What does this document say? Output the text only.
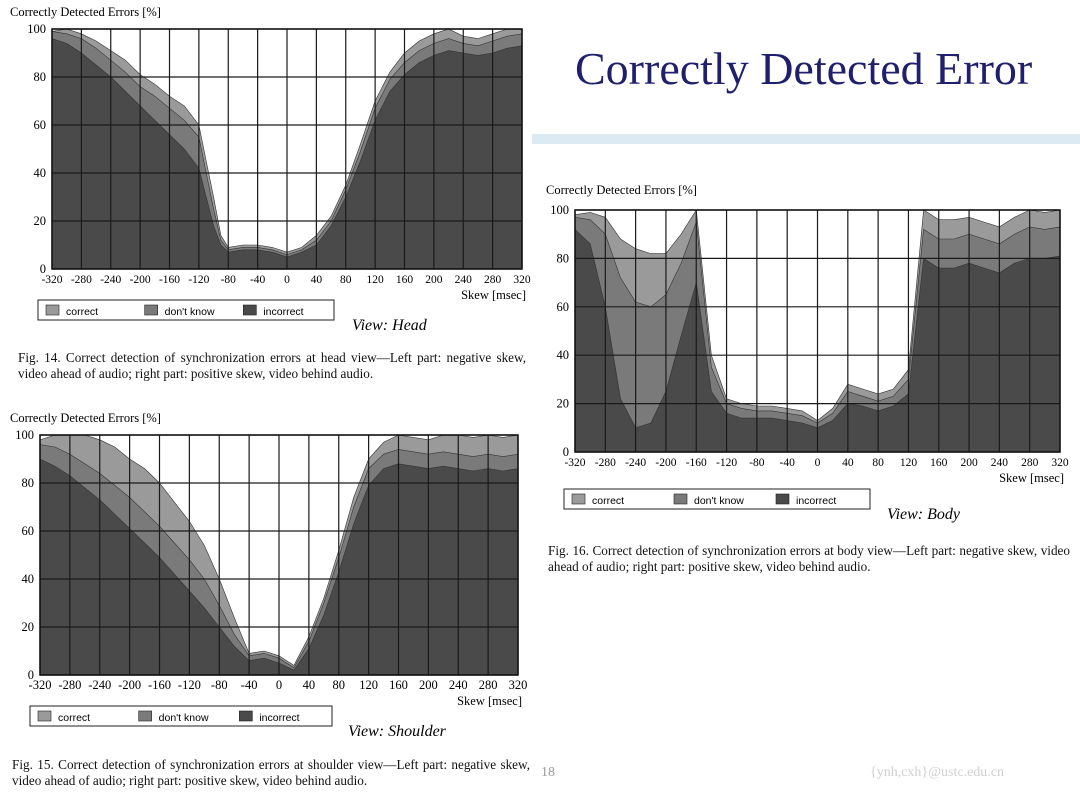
Correctly Detected Error
Correctly Detected Errors [%]
0
20
40
60
80
100
-320 -280 -240 -200 -160 -120 -80 -40 0 40 80 120 160 200 240 280 320
Skew [msec]
correct	don't know	incorrect
View: Head
Fig. 14. Correct detection of synchronization errors at head view—Left part: negative skew, video ahead of audio; right part: positive skew, video behind audio.
Correctly Detected Errors [%]
0
20
40
60
80
100
-320 -280 -240 -200 -160 -120 -80 -40 0 40 80 120 160 200 240 280 320
Skew [msec]
correct	don't know	incorrect
View: Shoulder
Fig. 15. Correct detection of synchronization errors at shoulder view—Left part: negative skew, video ahead of audio; right part: positive skew, video behind audio.
Correctly Detected Errors [%]
0
20
40
60
80
100
-320 -280 -240 -200 -160 -120 -80 -40 0 40 80 120 160 200 240 280 320
Skew [msec]
correct	don't know	incorrect
View: Body
Fig. 16. Correct detection of synchronization errors at body view—Left part: negative skew, video ahead of audio; right part: positive skew, video behind audio.
18	{ynh,cxh}@ustc.edu.cn
